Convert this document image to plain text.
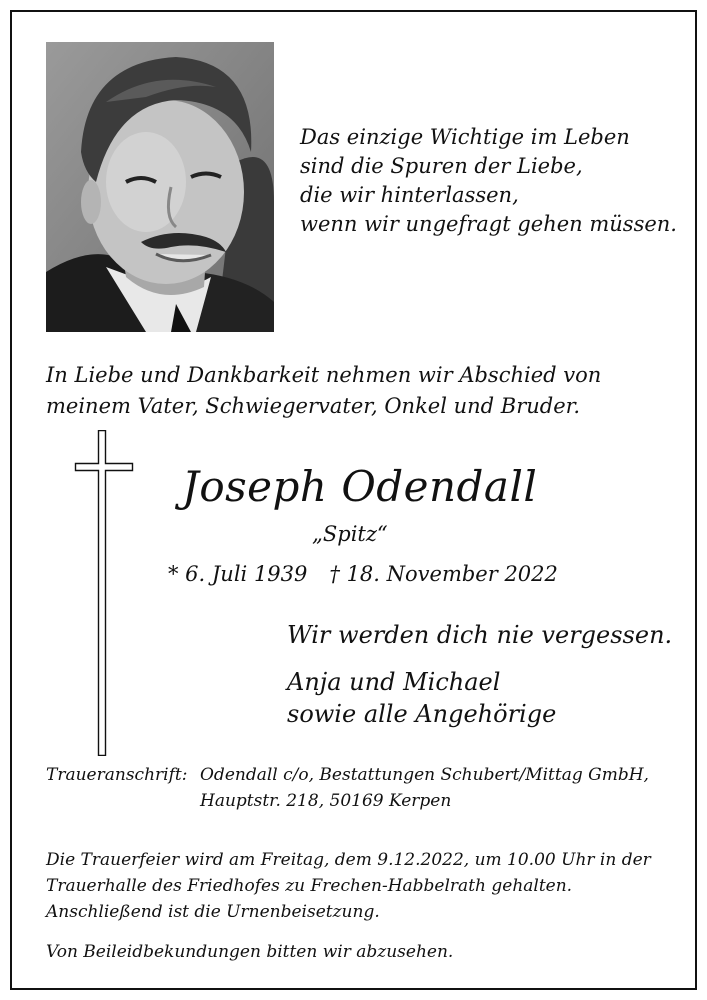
Das einzige Wichtige im Leben
sind die Spuren der Liebe,
die wir hinterlassen,
wenn wir ungefragt gehen müssen.
In Liebe und Dankbarkeit nehmen wir Abschied von
meinem Vater, Schwiegervater, Onkel und Bruder.
Joseph Odendall
„Spitz“
* 6. Juli 1939 † 18. November 2022
Wir werden dich nie vergessen.
Anja und Michael
sowie alle Angehörige
Traueranschrift: Odendall c/o, Bestattungen Schubert/Mittag GmbH,
Hauptstr. 218, 50169 Kerpen
Die Trauerfeier wird am Freitag, dem 9.12.2022, um 10.00 Uhr in der
Trauerhalle des Friedhofes zu Frechen-Habbelrath gehalten.
Anschließend ist die Urnenbeisetzung.
Von Beileidbekundungen bitten wir abzusehen.
